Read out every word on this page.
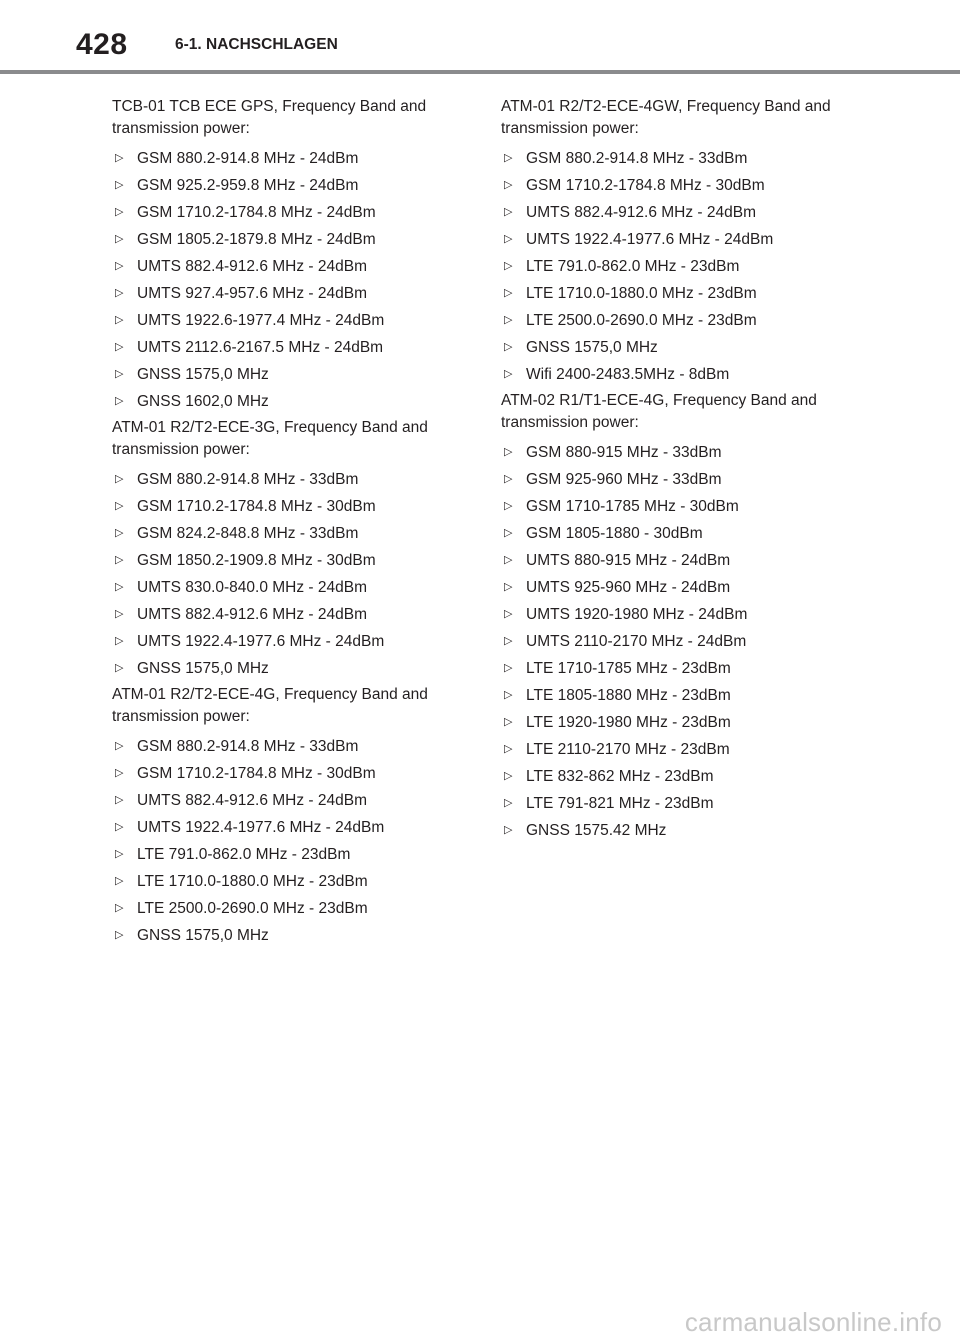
428	6-1. NACHSCHLAGEN

TCB-01 TCB ECE GPS, Frequency Band and transmission power:

▷ GSM 880.2-914.8 MHz - 24dBm
▷ GSM 925.2-959.8 MHz - 24dBm
▷ GSM 1710.2-1784.8 MHz - 24dBm
▷ GSM 1805.2-1879.8 MHz - 24dBm
▷ UMTS 882.4-912.6 MHz - 24dBm
▷ UMTS 927.4-957.6 MHz - 24dBm
▷ UMTS 1922.6-1977.4 MHz - 24dBm
▷ UMTS 2112.6-2167.5 MHz - 24dBm
▷ GNSS 1575,0 MHz
▷ GNSS 1602,0 MHz

ATM-01 R2/T2-ECE-3G, Frequency Band and transmission power:

▷ GSM 880.2-914.8 MHz - 33dBm
▷ GSM 1710.2-1784.8 MHz - 30dBm
▷ GSM 824.2-848.8 MHz - 33dBm
▷ GSM 1850.2-1909.8 MHz - 30dBm
▷ UMTS 830.0-840.0 MHz - 24dBm
▷ UMTS 882.4-912.6 MHz - 24dBm
▷ UMTS 1922.4-1977.6 MHz - 24dBm
▷ GNSS 1575,0 MHz

ATM-01 R2/T2-ECE-4G, Frequency Band and transmission power:

▷ GSM 880.2-914.8 MHz - 33dBm
▷ GSM 1710.2-1784.8 MHz - 30dBm
▷ UMTS 882.4-912.6 MHz - 24dBm
▷ UMTS 1922.4-1977.6 MHz - 24dBm
▷ LTE 791.0-862.0 MHz - 23dBm
▷ LTE 1710.0-1880.0 MHz - 23dBm
▷ LTE 2500.0-2690.0 MHz - 23dBm
▷ GNSS 1575,0 MHz

ATM-01 R2/T2-ECE-4GW, Frequency Band and transmission power:

▷ GSM 880.2-914.8 MHz - 33dBm
▷ GSM 1710.2-1784.8 MHz - 30dBm
▷ UMTS 882.4-912.6 MHz - 24dBm
▷ UMTS 1922.4-1977.6 MHz - 24dBm
▷ LTE 791.0-862.0 MHz - 23dBm
▷ LTE 1710.0-1880.0 MHz - 23dBm
▷ LTE 2500.0-2690.0 MHz - 23dBm
▷ GNSS 1575,0 MHz
▷ Wifi 2400-2483.5MHz - 8dBm

ATM-02 R1/T1-ECE-4G, Frequency Band and transmission power:

▷ GSM 880-915 MHz - 33dBm
▷ GSM 925-960 MHz - 33dBm
▷ GSM 1710-1785 MHz - 30dBm
▷ GSM 1805-1880 - 30dBm
▷ UMTS 880-915 MHz - 24dBm
▷ UMTS 925-960 MHz - 24dBm
▷ UMTS 1920-1980 MHz - 24dBm
▷ UMTS 2110-2170 MHz - 24dBm
▷ LTE 1710-1785 MHz - 23dBm
▷ LTE 1805-1880 MHz - 23dBm
▷ LTE 1920-1980 MHz - 23dBm
▷ LTE 2110-2170 MHz - 23dBm
▷ LTE 832-862 MHz - 23dBm
▷ LTE 791-821 MHz - 23dBm
▷ GNSS 1575.42 MHz
carmanualsonline.info
